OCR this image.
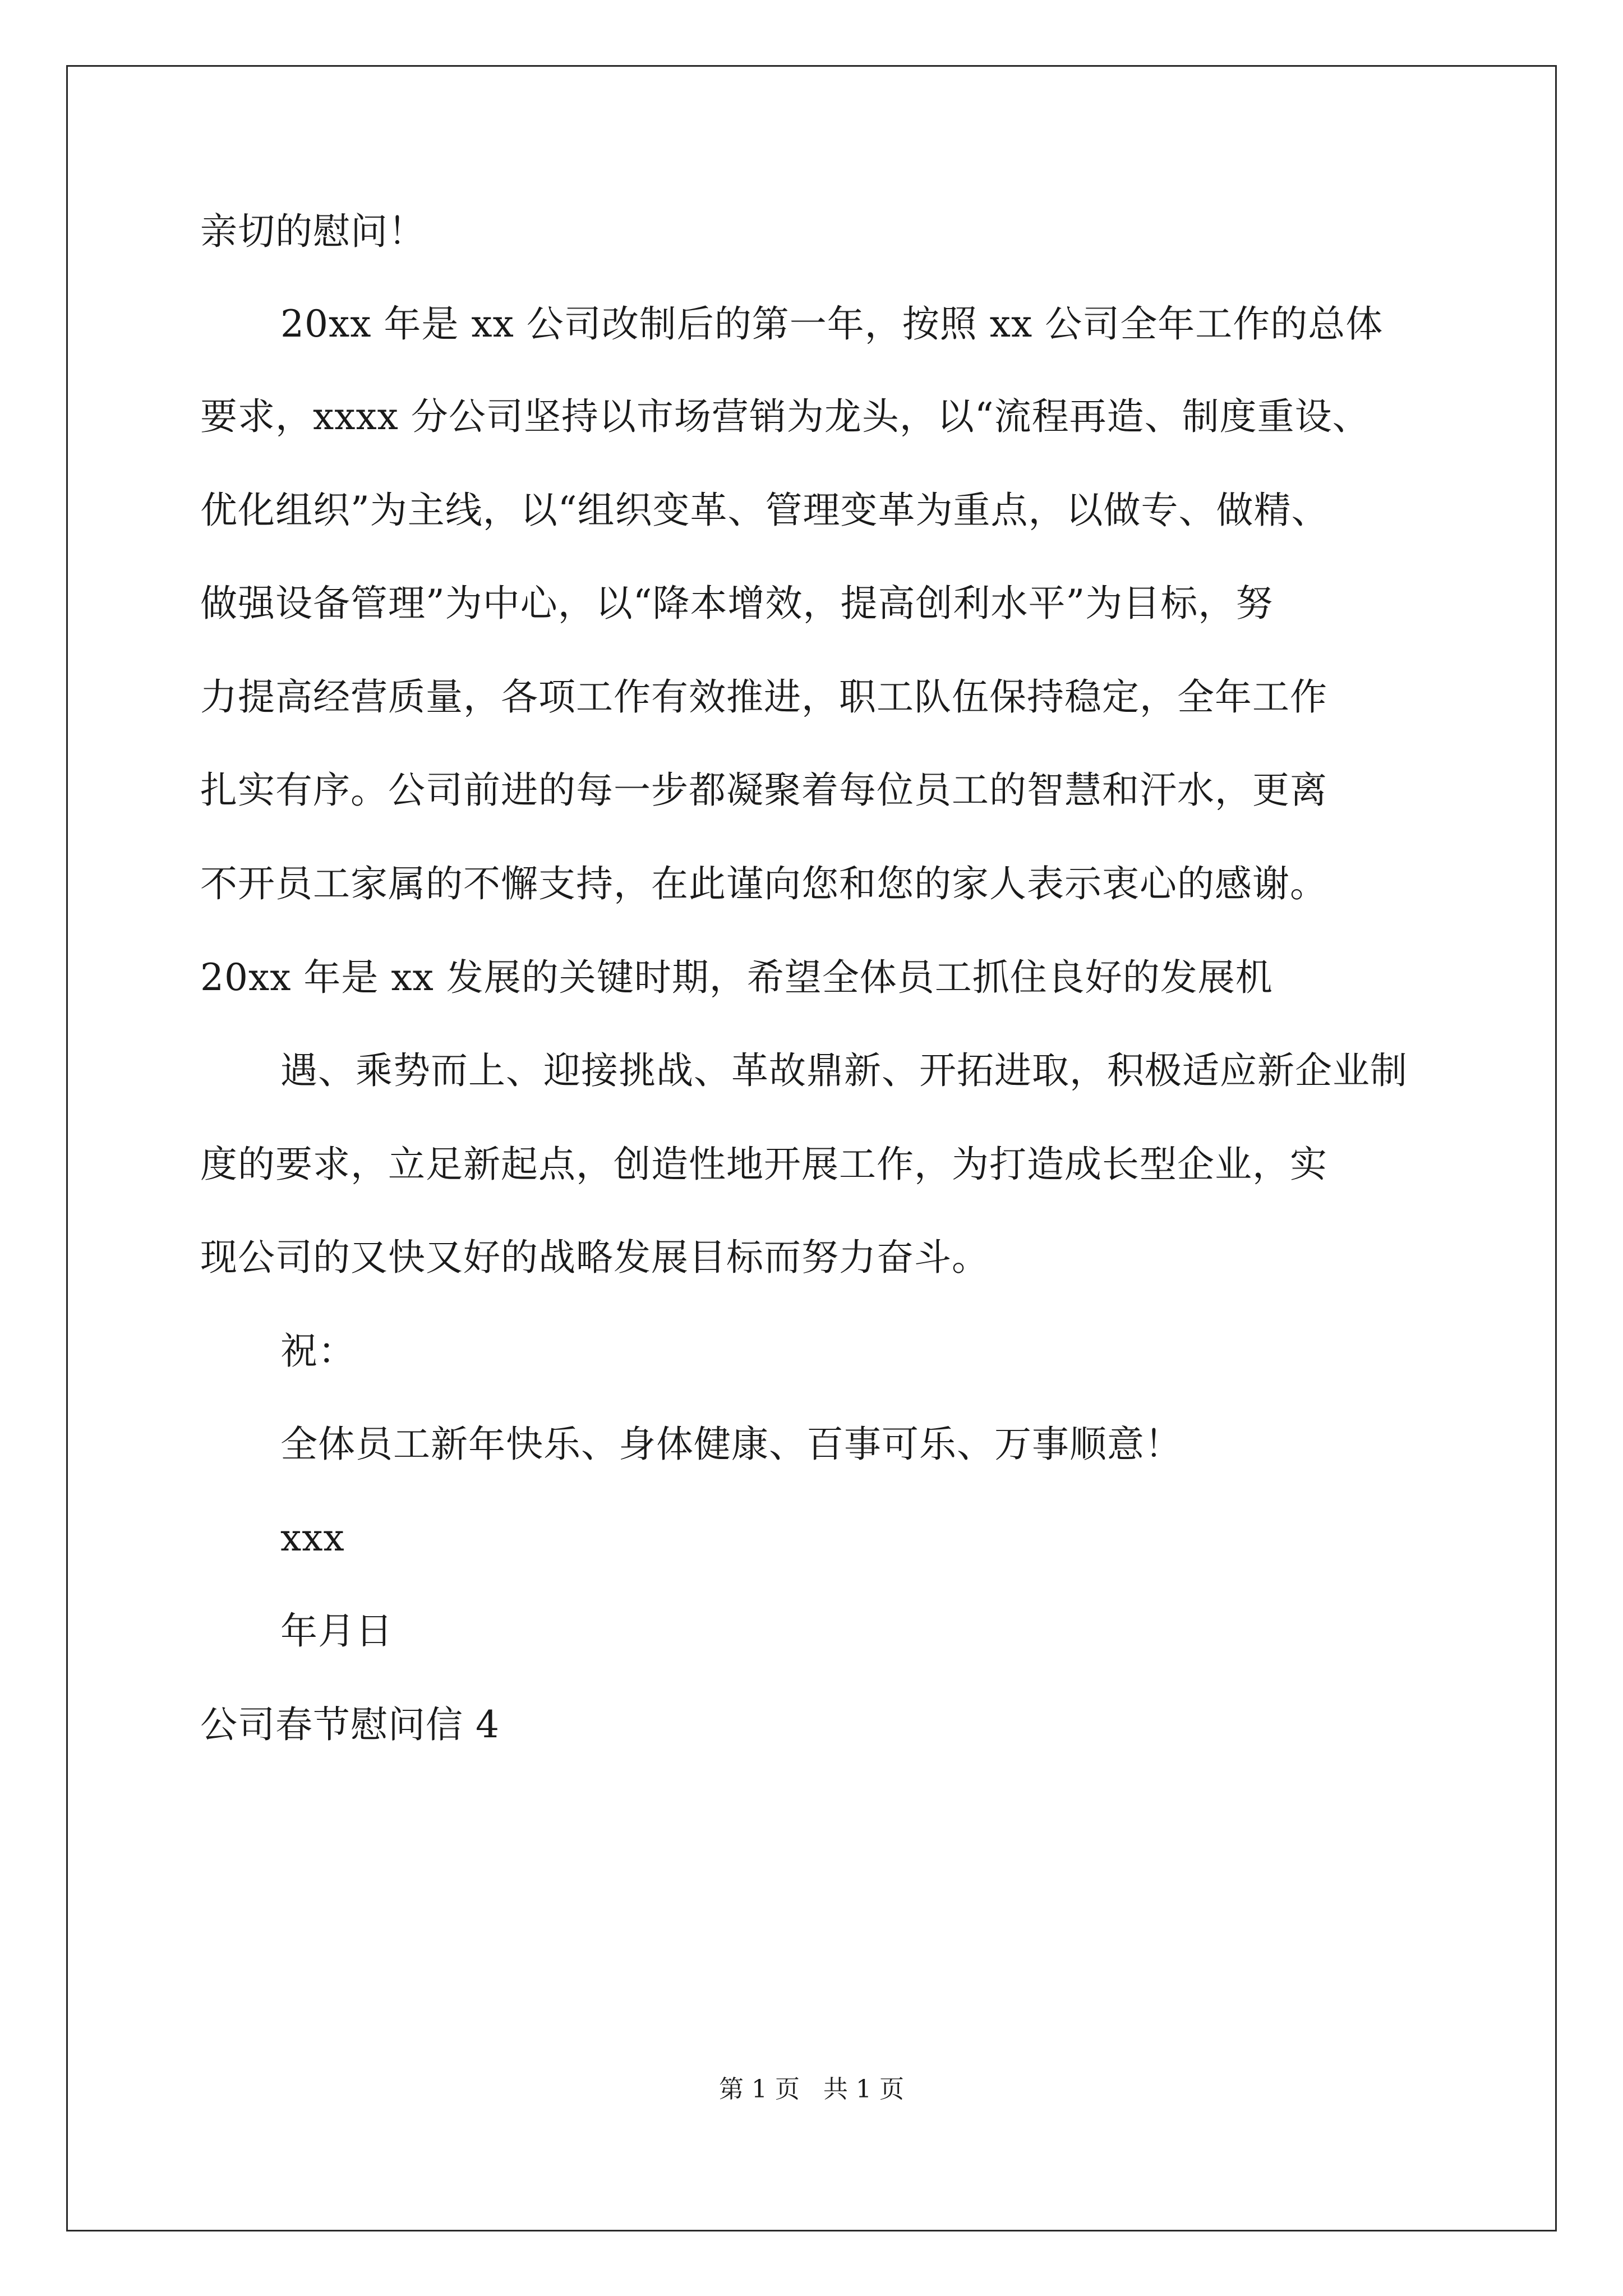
亲切的慰问！
20xx 年是 xx 公司改制后的第一年，按照 xx 公司全年工作的总体
要求，xxxx 分公司坚持以市场营销为龙头，以“流程再造、制度重设、
优化组织”为主线，以“组织变革、管理变革为重点，以做专、做精、
做强设备管理”为中心，以“降本增效，提高创利水平”为目标，努
力提高经营质量，各项工作有效推进，职工队伍保持稳定，全年工作
扎实有序。公司前进的每一步都凝聚着每位员工的智慧和汗水，更离
不开员工家属的不懈支持，在此谨向您和您的家人表示衷心的感谢。
20xx 年是 xx 发展的关键时期，希望全体员工抓住良好的发展机
遇、乘势而上、迎接挑战、革故鼎新、开拓进取，积极适应新企业制
度的要求，立足新起点，创造性地开展工作，为打造成长型企业，实
现公司的又快又好的战略发展目标而努力奋斗。
祝：
全体员工新年快乐、身体健康、百事可乐、万事顺意！
xxx
年月日
公司春节慰问信 4
第 1 页   共 1 页
